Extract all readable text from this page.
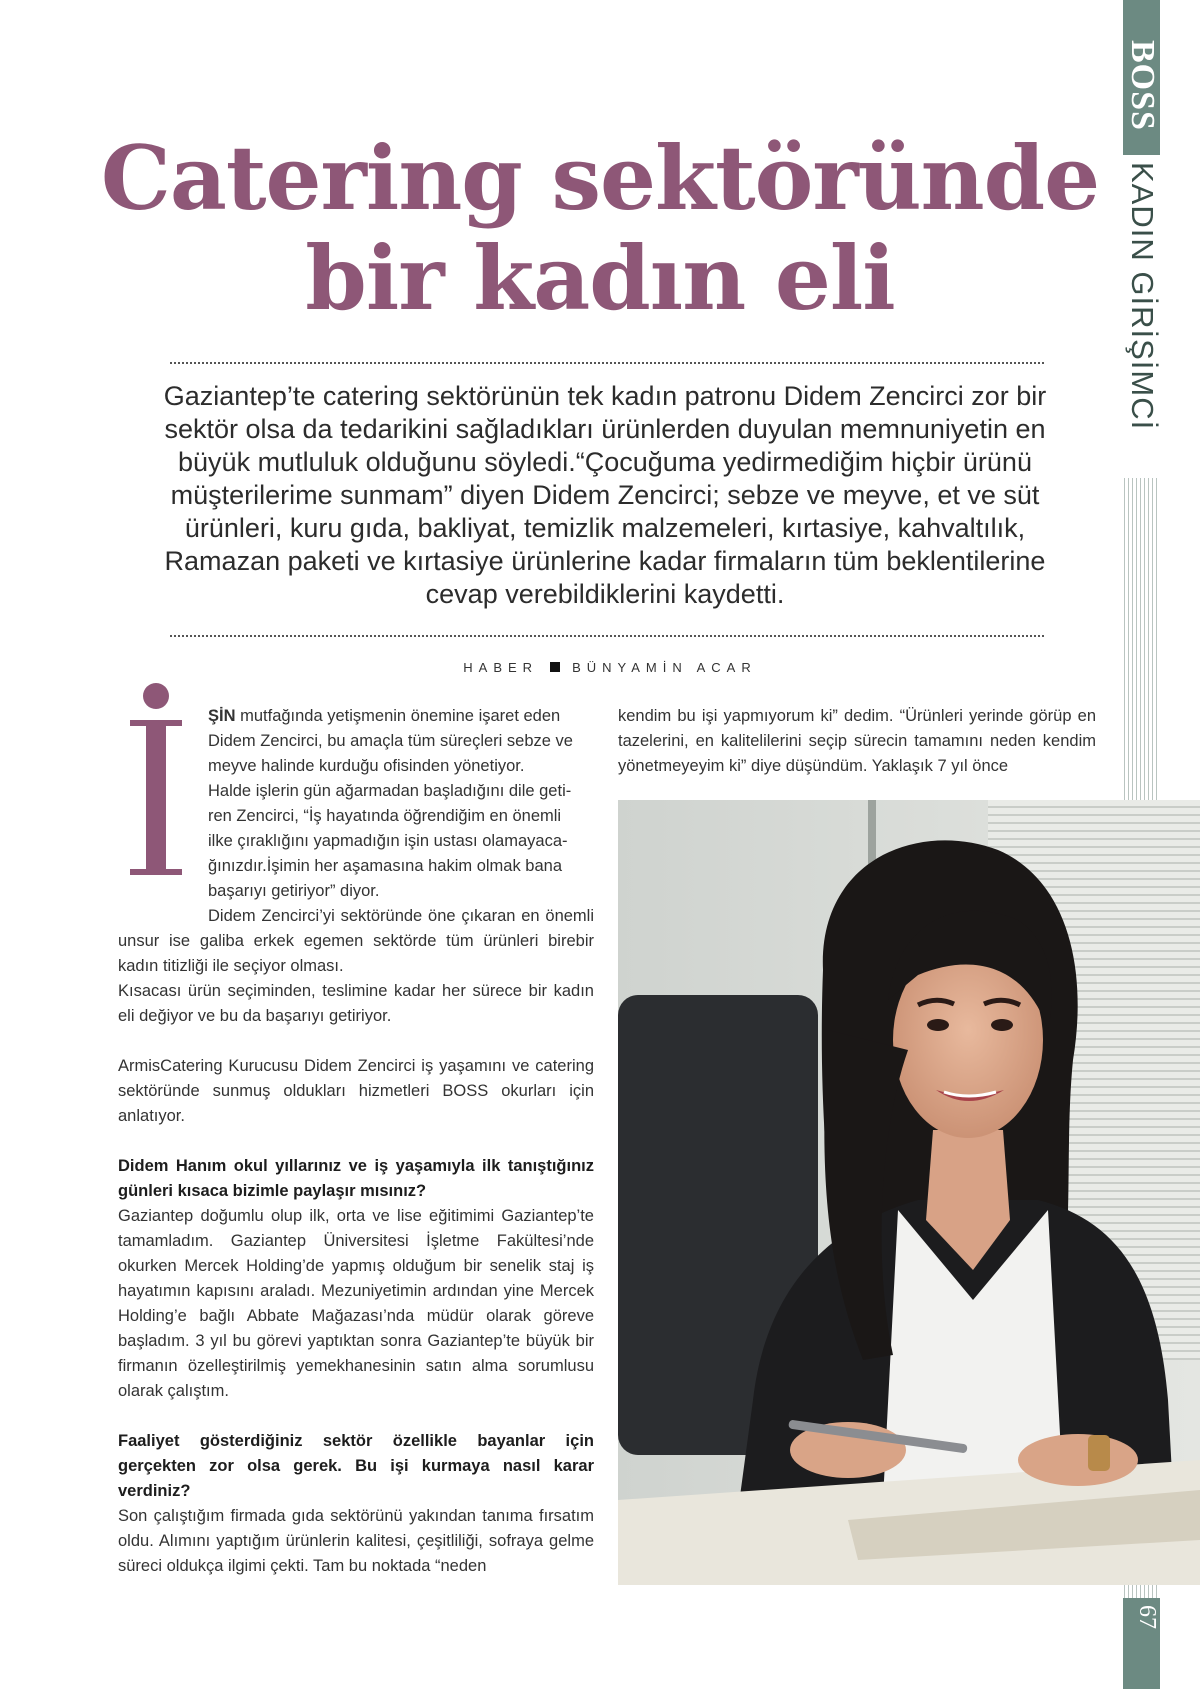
BOSS
KADIN GİRİŞİMCİ
67
Catering sektöründe
bir kadın eli

Gaziantep’te catering sektörünün tek kadın patronu Didem Zencirci zor bir sektör olsa da tedarikini sağladıkları ürünlerden duyulan memnuniyetin en büyük mutluluk olduğunu söyledi.“Çocuğuma yedirmediğim hiçbir ürünü müşterilerime sunmam” diyen Didem Zencirci; sebze ve meyve, et ve süt ürünleri, kuru gıda, bakliyat, temizlik malzemeleri, kırtasiye, kahvaltılık, Ramazan paketi ve kırtasiye ürünlerine kadar firmaların tüm beklentilerine cevap verebildiklerini kaydetti.

HABER	BÜNYAMİN ACAR
ŞİN mutfağında yetişmenin önemine işaret eden
Didem Zencirci, bu amaçla tüm süreçleri sebze ve
meyve halinde kurduğu ofisinden yönetiyor.
Halde işlerin gün ağarmadan başladığını dile geti-
ren Zencirci, “İş hayatında öğrendiğim en önemli
ilke çıraklığını yapmadığın işin ustası olamayaca-
ğınızdır.İşimin her aşamasına hakim olmak bana
başarıyı getiriyor” diyor.

Didem Zencirci’yi sektöründe öne çıkaran en önemli unsur ise galiba erkek egemen sektörde tüm ürünleri birebir kadın titizliği ile seçiyor olması.

Kısacası ürün seçiminden, teslimine kadar her sürece bir kadın eli değiyor ve bu da başarıyı getiriyor.

ArmisCatering Kurucusu Didem Zencirci iş yaşamını ve catering sektöründe sunmuş oldukları hizmetleri BOSS okurları için anlatıyor.

Didem Hanım okul yıllarınız ve iş yaşamıyla ilk tanıştığınız günleri kısaca bizimle paylaşır mısınız?

Gaziantep doğumlu olup ilk, orta ve lise eğitimimi Gaziantep’te tamamladım. Gaziantep Üniversitesi İşletme Fakültesi’nde okurken Mercek Holding’de yapmış olduğum bir senelik staj iş hayatımın kapısını araladı. Mezuniyetimin ardından yine Mercek Holding’e bağlı Abbate Mağazası’nda müdür olarak göreve başladım. 3 yıl bu görevi yaptıktan sonra Gaziantep’te büyük bir firmanın özelleştirilmiş yemekhanesinin satın alma sorumlusu olarak çalıştım.

Faaliyet gösterdiğiniz sektör özellikle bayanlar için gerçekten zor olsa gerek. Bu işi kurmaya nasıl karar verdiniz?

Son çalıştığım firmada gıda sektörünü yakından tanıma fırsatım oldu. Alımını yaptığım ürünlerin kalitesi, çeşitliliği, sofraya gelme süreci oldukça ilgimi çekti. Tam bu noktada “neden

kendim bu işi yapmıyorum ki” dedim. “Ürünleri yerinde görüp en tazelerini, en kalitelilerini seçip sürecin tamamını neden kendim yönetmeyeyim ki” diye düşündüm. Yaklaşık 7 yıl önce
